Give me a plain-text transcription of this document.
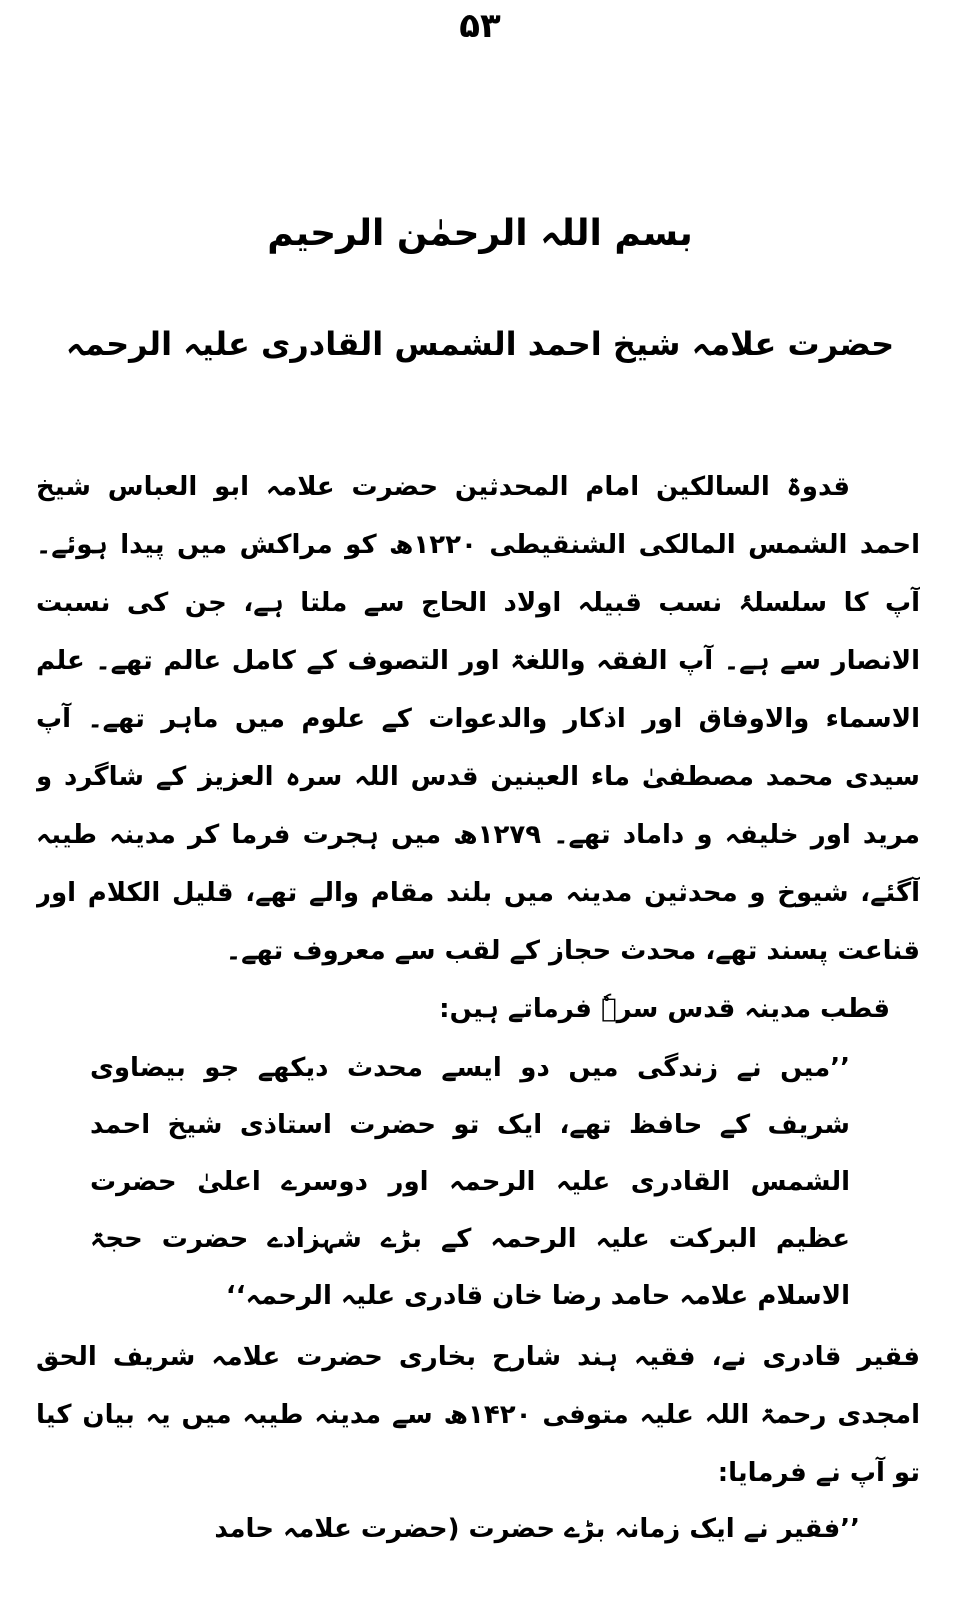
۵۳
بسم اللہ الرحمٰن الرحیم
حضرت علامہ شیخ احمد الشمس القادری علیہ الرحمہ

قدوۃ السالکین امام المحدثین حضرت علامہ ابو العباس شیخ احمد الشمس المالکی الشنقیطی ۱۲۲۰ھ کو مراکش میں پیدا ہوئے۔ آپ کا سلسلۂ نسب قبیلہ اولاد الحاج سے ملتا ہے، جن کی نسبت الانصار سے ہے۔ آپ الفقہ واللغۃ اور التصوف کے کامل عالم تھے۔ علم الاسماء والاوفاق اور اذکار والدعوات کے علوم میں ماہر تھے۔ آپ سیدی محمد مصطفیٰ ماء العینین قدس اللہ سرہ العزیز کے شاگرد و مرید اور خلیفہ و داماد تھے۔ ۱۲۷۹ھ میں ہجرت فرما کر مدینہ طیبہ آگئے، شیوخ و محدثین مدینہ میں بلند مقام والے تھے، قلیل الکلام اور قناعت پسند تھے، محدث حجاز کے لقب سے معروف تھے۔

قطب مدینہ قدس سرہٗ فرماتے ہیں:

’’میں نے زندگی میں دو ایسے محدث دیکھے جو بیضاوی شریف کے حافظ تھے، ایک تو حضرت استاذی شیخ احمد الشمس القادری علیہ الرحمہ اور دوسرے اعلیٰ حضرت عظیم البرکت علیہ الرحمہ کے بڑے شہزادے حضرت حجۃ الاسلام علامہ حامد رضا خان قادری علیہ الرحمہ‘‘

فقیر قادری نے، فقیہ ہند شارح بخاری حضرت علامہ شریف الحق امجدی رحمۃ اللہ علیہ متوفی ۱۴۲۰ھ سے مدینہ طیبہ میں یہ بیان کیا تو آپ نے فرمایا:

’’فقیر نے ایک زمانہ بڑے حضرت (حضرت علامہ حامد
